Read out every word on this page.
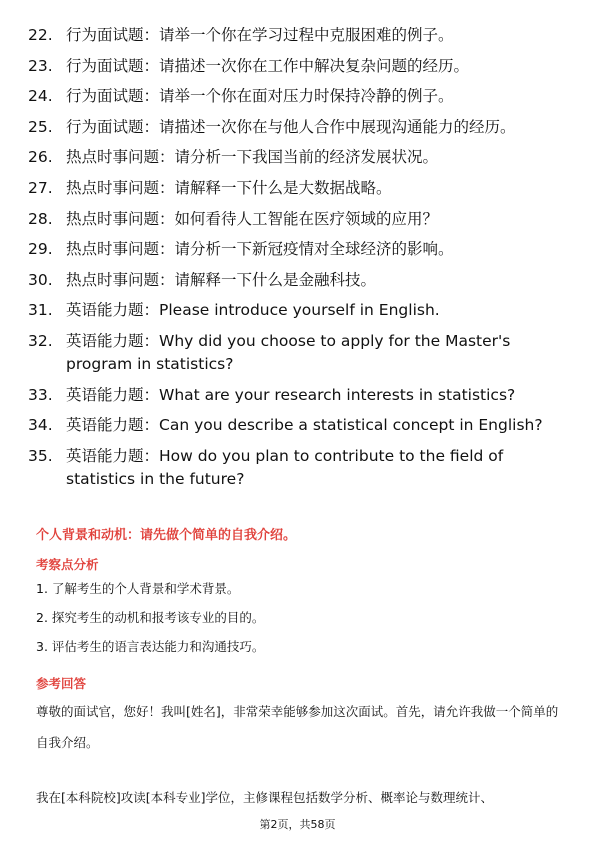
22. 行为面试题：请举一个你在学习过程中克服困难的例子。
23. 行为面试题：请描述一次你在工作中解决复杂问题的经历。
24. 行为面试题：请举一个你在面对压力时保持冷静的例子。
25. 行为面试题：请描述一次你在与他人合作中展现沟通能力的经历。
26. 热点时事问题：请分析一下我国当前的经济发展状况。
27. 热点时事问题：请解释一下什么是大数据战略。
28. 热点时事问题：如何看待人工智能在医疗领域的应用？
29. 热点时事问题：请分析一下新冠疫情对全球经济的影响。
30. 热点时事问题：请解释一下什么是金融科技。
31. 英语能力题：Please introduce yourself in English.
32. 英语能力题：Why did you choose to apply for the Master's program in statistics?
33. 英语能力题：What are your research interests in statistics?
34. 英语能力题：Can you describe a statistical concept in English?
35. 英语能力题：How do you plan to contribute to the field of statistics in the future?
个人背景和动机：请先做个简单的自我介绍。
考察点分析
1. 了解考生的个人背景和学术背景。
2. 探究考生的动机和报考该专业的目的。
3. 评估考生的语言表达能力和沟通技巧。
参考回答
尊敬的面试官，您好！我叫[姓名]，非常荣幸能够参加这次面试。首先，请允许我做一个简单的自我介绍。
我在[本科院校]攻读[本科专业]学位，主修课程包括数学分析、概率论与数理统计、
第2页，共58页
